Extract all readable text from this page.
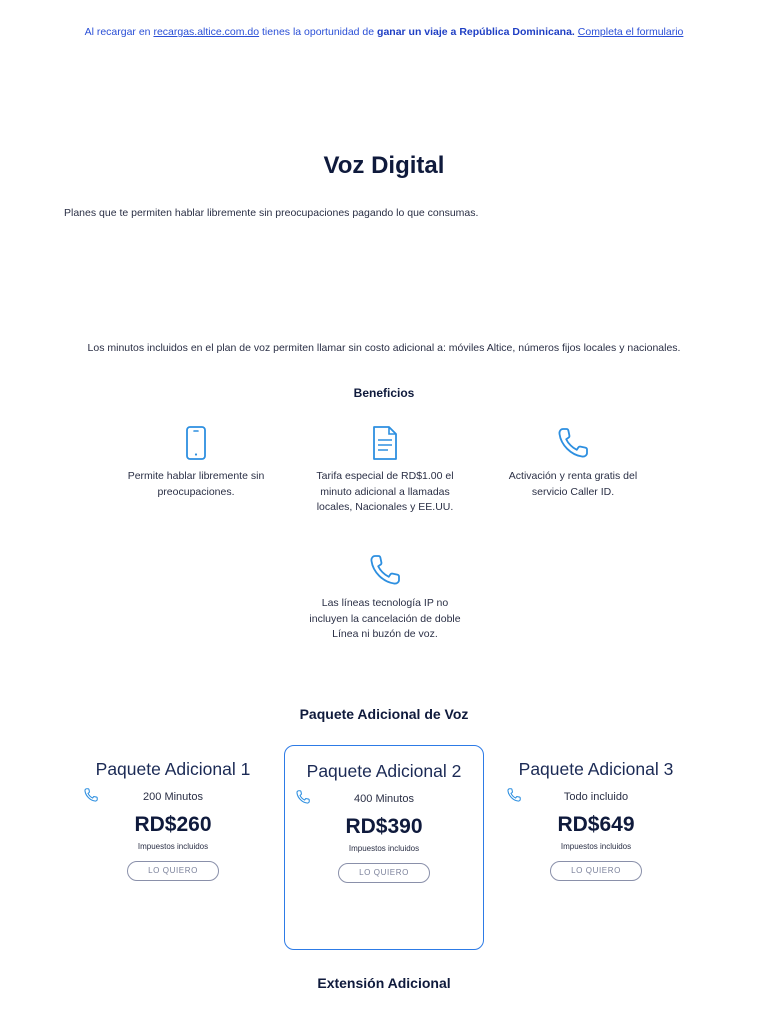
Al recargar en recargas.altice.com.do tienes la oportunidad de ganar un viaje a República Dominicana. Completa el formulario
Voz Digital
Planes que te permiten hablar libremente sin preocupaciones pagando lo que consumas.
Los minutos incluidos en el plan de voz permiten llamar sin costo adicional a: móviles Altice, números fijos locales y nacionales.
Beneficios
Permite hablar libremente sin preocupaciones.
Tarifa especial de RD$1.00 el minuto adicional a llamadas locales, Nacionales y EE.UU.
Activación y renta gratis del servicio Caller ID.
Las líneas tecnología IP no incluyen la cancelación de doble Línea ni buzón de voz.
Paquete Adicional de Voz
Paquete Adicional 1
200 Minutos
RD$260
Impuestos incluidos
LO QUIERO
Paquete Adicional 2
400 Minutos
RD$390
Impuestos incluidos
LO QUIERO
Paquete Adicional 3
Todo incluido
RD$649
Impuestos incluidos
LO QUIERO
Extensión Adicional
